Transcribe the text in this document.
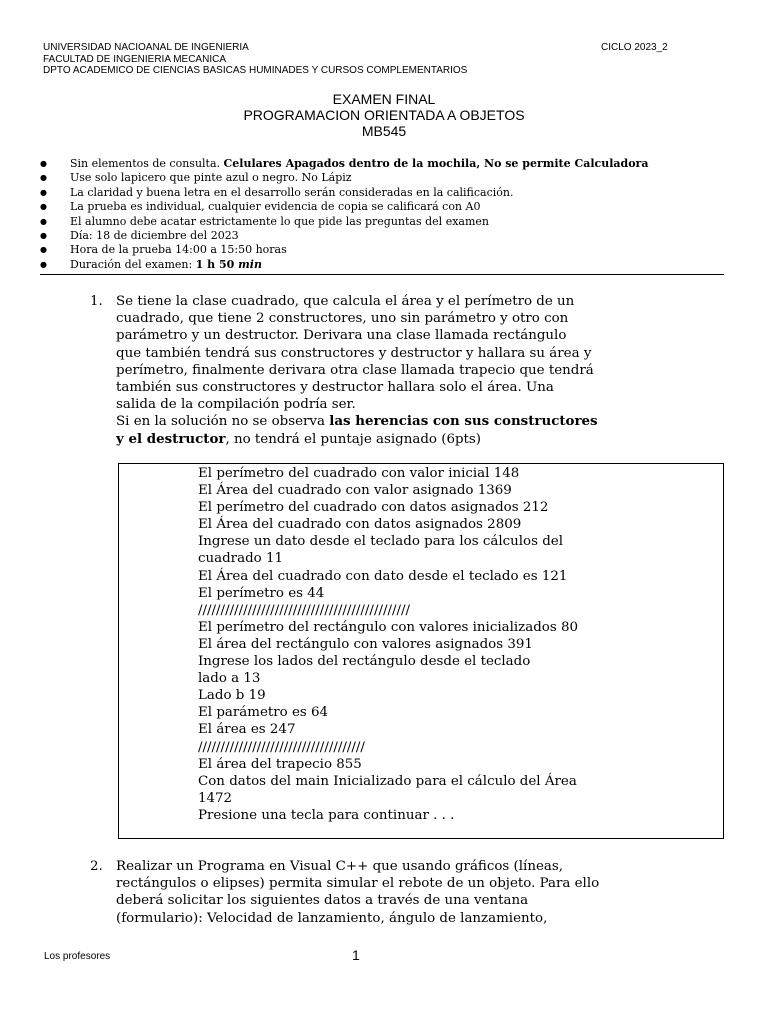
UNIVERSIDAD NACIOANAL DE INGENIERIA
FACULTAD DE INGENIERIA MECANICA
DPTO ACADEMICO DE CIENCIAS BASICAS HUMINADES Y CURSOS COMPLEMENTARIOS
CICLO 2023_2
EXAMEN FINAL
PROGRAMACION ORIENTADA A OBJETOS
MB545
● Sin elementos de consulta. Celulares Apagados dentro de la mochila, No se permite Calculadora
● Use solo lapicero que pinte azul o negro. No Lápiz
● La claridad y buena letra en el desarrollo serán consideradas en la calificación.
● La prueba es individual, cualquier evidencia de copia se calificará con A0
● El alumno debe acatar estrictamente lo que pide las preguntas del examen
● Día: 18 de diciembre del 2023
● Hora de la prueba 14:00 a 15:50 horas
● Duración del examen: 1 h 50 min
1. Se tiene la clase cuadrado, que calcula el área y el perímetro de un
cuadrado, que tiene 2 constructores, uno sin parámetro y otro con
parámetro y un destructor. Derivara una clase llamada rectángulo
que también tendrá sus constructores y destructor y hallara su área y
perímetro, finalmente derivara otra clase llamada trapecio que tendrá
también sus constructores y destructor hallara solo el área. Una
salida de la compilación podría ser.
Si en la solución no se observa las herencias con sus constructores
y el destructor, no tendrá el puntaje asignado (6pts)
El perímetro del cuadrado con valor inicial 148
El Área del cuadrado con valor asignado 1369
El perímetro del cuadrado con datos asignados 212
El Área del cuadrado con datos asignados 2809
Ingrese un dato desde el teclado para los cálculos del
cuadrado 11
El Área del cuadrado con dato desde el teclado es 121
El perímetro es 44
///////////////////////////////////////////////
El perímetro del rectángulo con valores inicializados 80
El área del rectángulo con valores asignados 391
Ingrese los lados del rectángulo desde el teclado
lado a 13
Lado b 19
El parámetro es 64
El área es 247
/////////////////////////////////////
El área del trapecio 855
Con datos del main Inicializado para el cálculo del Área
1472
Presione una tecla para continuar . . .
2. Realizar un Programa en Visual C++ que usando gráficos (líneas,
rectángulos o elipses) permita simular el rebote de un objeto. Para ello
deberá solicitar los siguientes datos a través de una ventana
(formulario): Velocidad de lanzamiento, ángulo de lanzamiento,
Los profesores	1
